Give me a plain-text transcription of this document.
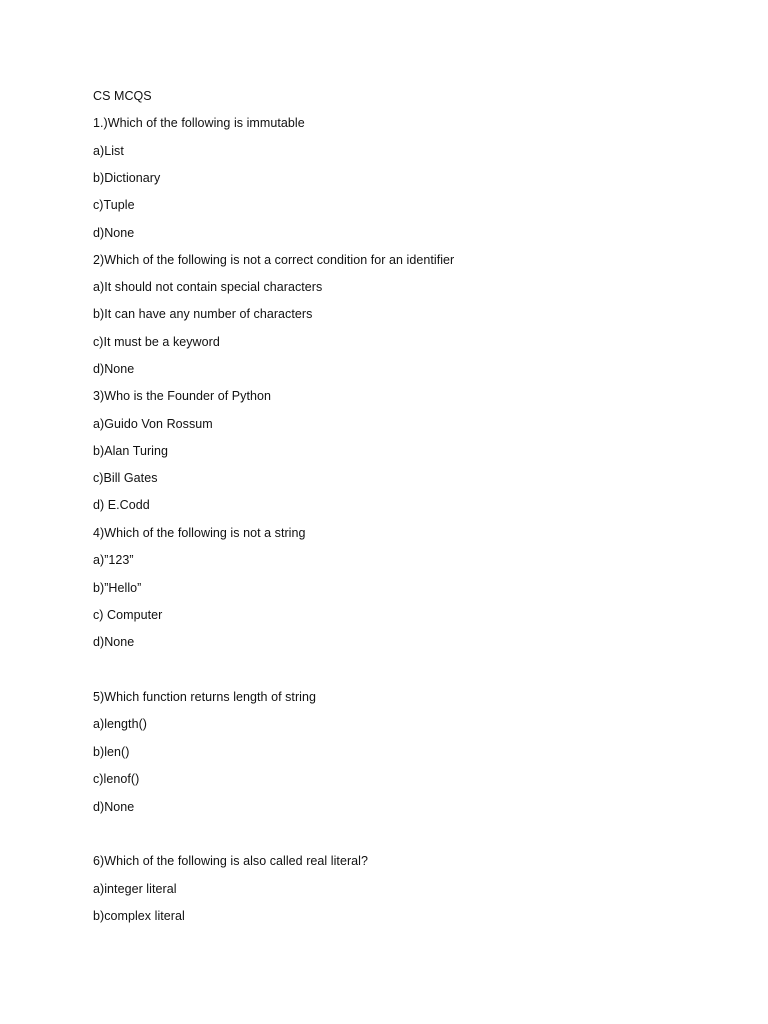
CS MCQS
1.)Which of the following is immutable
a)List
b)Dictionary
c)Tuple
d)None
2)Which of the following is not a correct condition for an identifier
a)It should not contain special characters
b)It can have any number of characters
c)It must be a keyword
d)None
3)Who is the Founder of Python
a)Guido Von Rossum
b)Alan Turing
c)Bill Gates
d) E.Codd
4)Which of the following is not a string
a)”123”
b)”Hello”
c) Computer
d)None
5)Which function returns length of string
a)length()
b)len()
c)lenof()
d)None
6)Which of the following is also called real literal?
a)integer literal
b)complex literal
